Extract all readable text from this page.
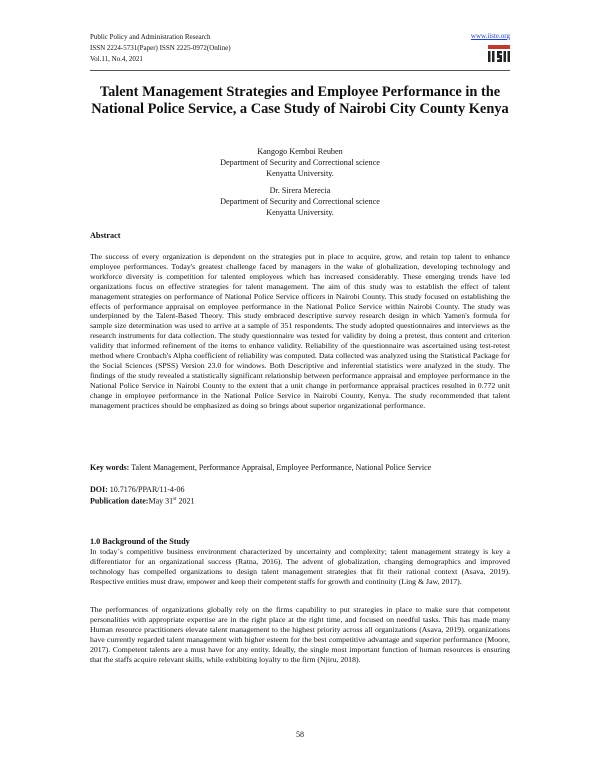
Public Policy and Administration Research
ISSN 2224-5731(Paper) ISSN 2225-0972(Online)
Vol.11, No.4, 2021
www.iiste.org
Talent Management Strategies and Employee Performance in the National Police Service, a Case Study of Nairobi City County Kenya
Kangogo Kemboi Reuben
Department of Security and Correctional science
Kenyatta University.
Dr. Sirera Merecia
Department of Security and Correctional science
Kenyatta University.
Abstract
The success of every organization is dependent on the strategies put in place to acquire, grow, and retain top talent to enhance employee performances. Today's greatest challenge faced by managers in the wake of globalization, developing technology and workforce diversity is competition for talented employees which has increased considerably. These emerging trends have led organizations focus on effective strategies for talent management. The aim of this study was to establish the effect of talent management strategies on performance of National Police Service officers in Nairobi County. This study focused on establishing the effects of performance appraisal on employee performance in the National Police Service within Nairobi County. The study was underpinned by the Talent-Based Theory. This study embraced descriptive survey research design in which Yamen's formula for sample size determination was used to arrive at a sample of 351 respondents. The study adopted questionnaires and interviews as the research instruments for data collection. The study questionnaire was tested for validity by doing a pretest, thus content and criterion validity that informed refinement of the items to enhance validity. Reliability of the questionnaire was ascertained using test-retest method where Cronbach's Alpha coefficient of reliability was computed. Data collected was analyzed using the Statistical Package for the Social Sciences (SPSS) Version 23.0 for windows. Both Descriptive and inferential statistics were analyzed in the study. The findings of the study revealed a statistically significant relationship between performance appraisal and employee performance in the National Police Service in Nairobi County to the extent that a unit change in performance appraisal practices resulted in 0.772 unit change in employee performance in the National Police Service in Nairobi County, Kenya. The study recommended that talent management practices should be emphasized as doing so brings about superior organizational performance.
Key words: Talent Management, Performance Appraisal, Employee Performance, National Police Service
DOI: 10.7176/PPAR/11-4-06
Publication date:May 31st 2021
1.0 Background of the Study
In today`s competitive business environment characterized by uncertainty and complexity; talent management strategy is key a differentiator for an organizational success (Ratna, 2016). The advent of globalization, changing demographics and improved technology has compelled organizations to design talent management strategies that fit their rational context (Asava, 2019). Respective entities must draw, empower and keep their competent staffs for growth and continuity (Ling & Jaw, 2017).
The performances of organizations globally rely on the firms capability to put strategies in place to make sure that competent personalities with appropriate expertise are in the right place at the right time, and focused on needful tasks. This has made many Human resource practitioners elevate talent management to the highest priority across all organizations (Asava, 2019). organizations have currently regarded talent management with higher esteem for the best competitive advantage and superior performance (Moore, 2017). Competent talents are a must have for any entity. Ideally, the single most important function of human resources is ensuring that the staffs acquire relevant skills, while exhibiting loyalty to the firm (Njiru, 2018).
58
